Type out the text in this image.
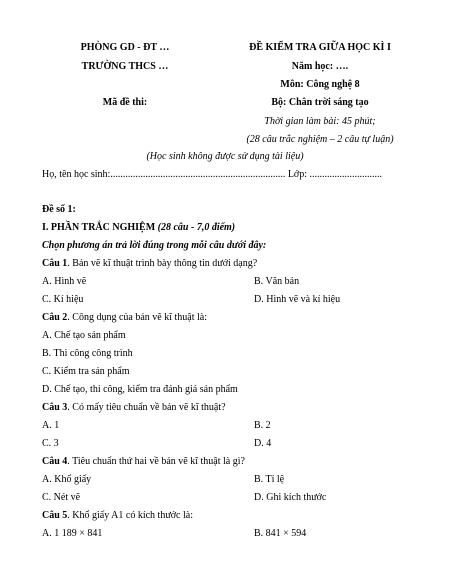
PHÒNG GD - ĐT …
TRƯỜNG THCS …
Mã đề thi:
ĐỀ KIỂM TRA GIỮA HỌC KÌ I
Năm học: ….
Môn: Công nghệ 8
Bộ: Chân trời sáng tạo
Thời gian làm bài: 45 phút;
(28 câu trắc nghiệm – 2 câu tự luận)
(Học sinh không được sử dụng tài liệu)
Họ, tên học sinh:...................................................................... Lớp: .............................
Đề số 1:
I. PHẦN TRẮC NGHIỆM (28 câu - 7,0 điểm)
Chọn phương án trả lời đúng trong mỗi câu dưới đây:
Câu 1. Bản vẽ kĩ thuật trình bày thông tin dưới dạng?
A. Hình vẽ	B. Văn bản
C. Kí hiệu	D. Hình vẽ và kí hiệu
Câu 2. Công dụng của bản vẽ kĩ thuật là:
A. Chế tạo sản phẩm
B. Thi công công trình
C. Kiểm tra sản phẩm
D. Chế tạo, thi công, kiểm tra đánh giá sản phẩm
Câu 3. Có mấy tiêu chuẩn về bản vẽ kĩ thuật?
A. 1	B. 2
C. 3	D. 4
Câu 4. Tiêu chuẩn thứ hai về bản vẽ kĩ thuật là gì?
A. Khổ giấy	B. Tỉ lệ
C. Nét vẽ	D. Ghi kích thước
Câu 5. Khổ giấy A1 có kích thước là:
A. 1 189 × 841	B. 841 × 594
